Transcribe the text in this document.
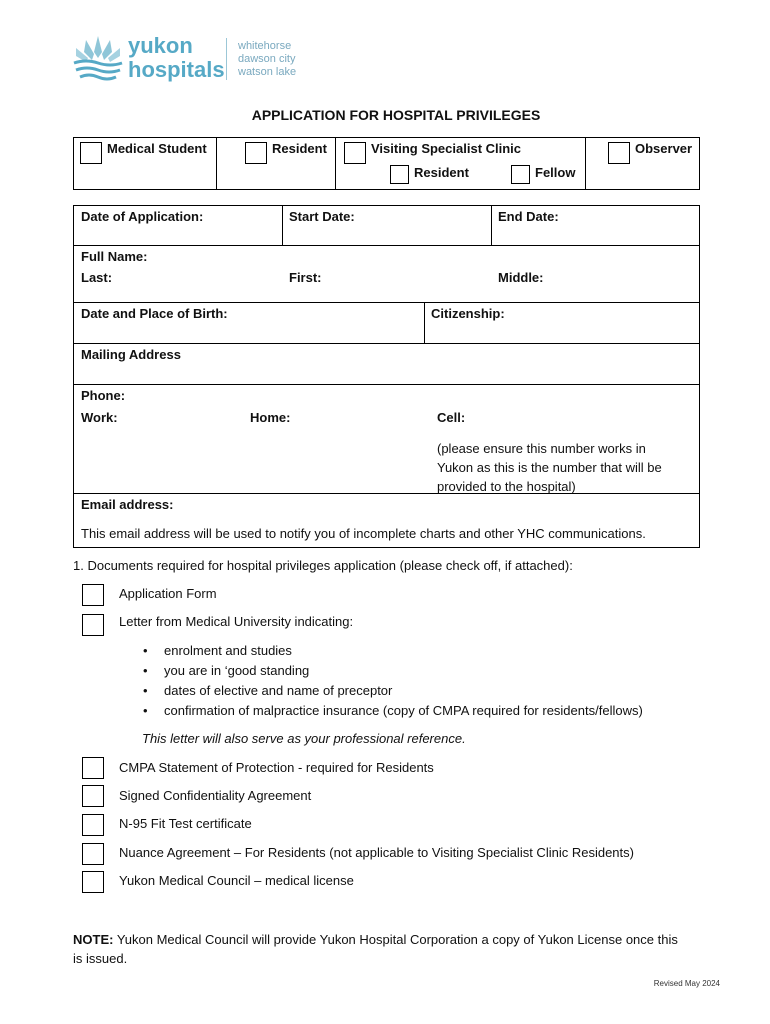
yukon
hospitals
whitehorse
dawson city
watson lake
APPLICATION FOR HOSPITAL PRIVILEGES
Medical Student	Resident	Visiting Specialist Clinic
Resident	Fellow
Observer
Date of Application:	Start Date:	End Date:
Full Name:
Last:	First:	Middle:
Date and Place of Birth:	Citizenship:
Mailing Address
Phone:
Work:	Home:	Cell:
(please ensure this number works in
Yukon as this is the number that will be
provided to the hospital)
Email address:
This email address will be used to notify you of incomplete charts and other YHC communications.
1. Documents required for hospital privileges application (please check off, if attached):
Application Form
Letter from Medical University indicating:
• enrolment and studies
• you are in ‘good standing
• dates of elective and name of preceptor
• confirmation of malpractice insurance (copy of CMPA required for residents/fellows)
This letter will also serve as your professional reference.
CMPA Statement of Protection - required for Residents
Signed Confidentiality Agreement
N-95 Fit Test certificate
Nuance Agreement – For Residents (not applicable to Visiting Specialist Clinic Residents)
Yukon Medical Council – medical license
NOTE: Yukon Medical Council will provide Yukon Hospital Corporation a copy of Yukon License once this
is issued.
Revised May 2024
